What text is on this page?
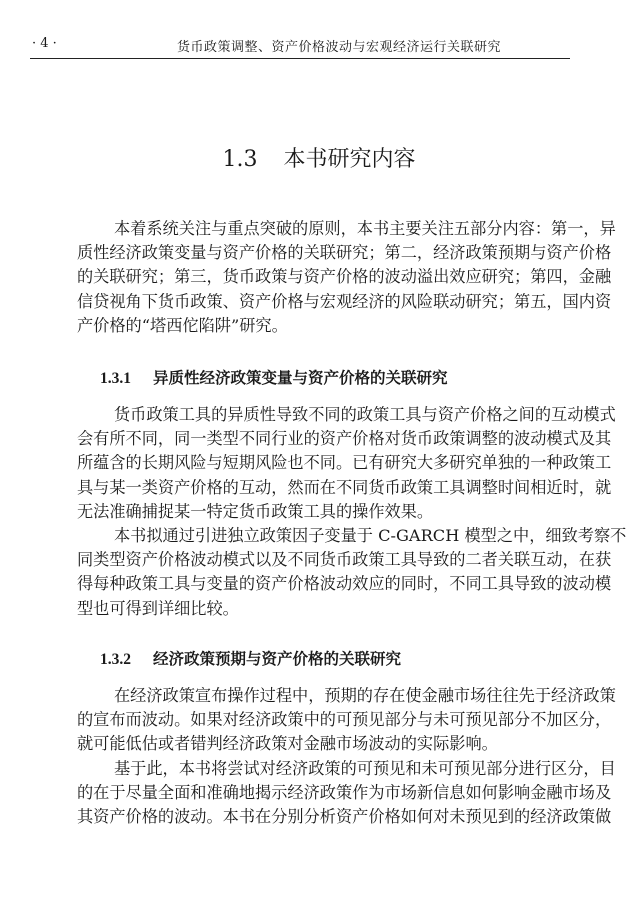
· 4 ·	货币政策调整、资产价格波动与宏观经济运行关联研究
1.3 本书研究内容
本着系统关注与重点突破的原则，本书主要关注五部分内容：第一，异
质性经济政策变量与资产价格的关联研究；第二，经济政策预期与资产价格
的关联研究；第三，货币政策与资产价格的波动溢出效应研究；第四，金融
信贷视角下货币政策、资产价格与宏观经济的风险联动研究；第五，国内资
产价格的“塔西佗陷阱”研究。
1.3.1 异质性经济政策变量与资产价格的关联研究
货币政策工具的异质性导致不同的政策工具与资产价格之间的互动模式
会有所不同，同一类型不同行业的资产价格对货币政策调整的波动模式及其
所蕴含的长期风险与短期风险也不同。已有研究大多研究单独的一种政策工
具与某一类资产价格的互动，然而在不同货币政策工具调整时间相近时，就
无法准确捕捉某一特定货币政策工具的操作效果。
本书拟通过引进独立政策因子变量于 C-GARCH 模型之中，细致考察不
同类型资产价格波动模式以及不同货币政策工具导致的二者关联互动，在获
得每种政策工具与变量的资产价格波动效应的同时，不同工具导致的波动模
型也可得到详细比较。
1.3.2 经济政策预期与资产价格的关联研究
在经济政策宣布操作过程中，预期的存在使金融市场往往先于经济政策
的宣布而波动。如果对经济政策中的可预见部分与未可预见部分不加区分，
就可能低估或者错判经济政策对金融市场波动的实际影响。
基于此，本书将尝试对经济政策的可预见和未可预见部分进行区分，目
的在于尽量全面和准确地揭示经济政策作为市场新信息如何影响金融市场及
其资产价格的波动。本书在分别分析资产价格如何对未预见到的经济政策做
